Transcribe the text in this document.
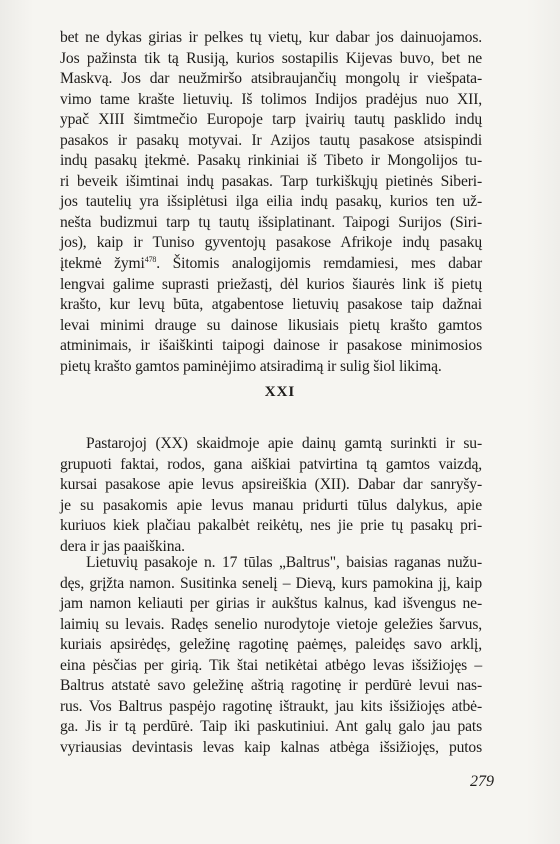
bet ne dykas girias ir pelkes tų vietų, kur dabar jos dainuojamos.
Jos pažinsta tik tą Rusiją, kurios sostapilis Kijevas buvo, bet ne
Maskvą. Jos dar neužmiršo atsibraujančių mongolų ir viešpata-
vimo tame krašte lietuvių. Iš tolimos Indijos pradėjus nuo XII,
ypač XIII šimtmečio Europoje tarp įvairių tautų pasklido indų
pasakos ir pasakų motyvai. Ir Azijos tautų pasakose atsispindi
indų pasakų įtekmė. Pasakų rinkiniai iš Tibeto ir Mongolijos tu-
ri beveik išimtinai indų pasakas. Tarp turkiškųjų pietinės Siberi-
jos tautelių yra išsiplėtusi ilga eilia indų pasakų, kurios ten už-
nešta budizmui tarp tų tautų išsiplatinant. Taipogi Surijos (Siri-
jos), kaip ir Tuniso gyventojų pasakose Afrikoje indų pasakų
įtekmė žymi$^{478}$. Šitomis analogijomis remdamiesi, mes dabar
lengvai galime suprasti priežastį, dėl kurios šiaurės link iš pietų
krašto, kur levų būta, atgabentose lietuvių pasakose taip dažnai
levai minimi drauge su dainose likusiais pietų krašto gamtos
atminimais, ir išaiškinti taipogi dainose ir pasakose minimosios
pietų krašto gamtos paminėjimo atsiradimą ir sulig šiol likimą.

XXI

Pastarojoj (XX) skaidmoje apie dainų gamtą surinkti ir su-
grupuoti faktai, rodos, gana aiškiai patvirtina tą gamtos vaizdą,
kursai pasakose apie levus apsireiškia (XII). Dabar dar sanryšy-
je su pasakomis apie levus manau pridurti tūlus dalykus, apie
kuriuos kiek plačiau pakalbėt reikėtų, nes jie prie tų pasakų pri-
dera ir jas paaiškina.

Lietuvių pasakoje n. 17 tūlas „Baltrus", baisias raganas nužu-
dęs, grįžta namon. Susitinka senelį – Dievą, kurs pamokina jį, kaip
jam namon keliauti per girias ir aukštus kalnus, kad išvengus ne-
laimių su levais. Radęs senelio nurodytoje vietoje geležies šarvus,
kuriais apsirėdęs, geležinę ragotinę paėmęs, paleidęs savo arklį,
eina pėsčias per girią. Tik štai netikėtai atbėgo levas išsižiojęs –
Baltrus atstatė savo geležinę aštrią ragotinę ir perdūrė levui nas-
rus. Vos Baltrus paspėjo ragotinę ištraukt, jau kits išsižiojęs atbė-
ga. Jis ir tą perdūrė. Taip iki paskutiniui. Ant galų galo jau pats
vyriausias devintasis levas kaip kalnas atbėga išsižiojęs, putos

279
